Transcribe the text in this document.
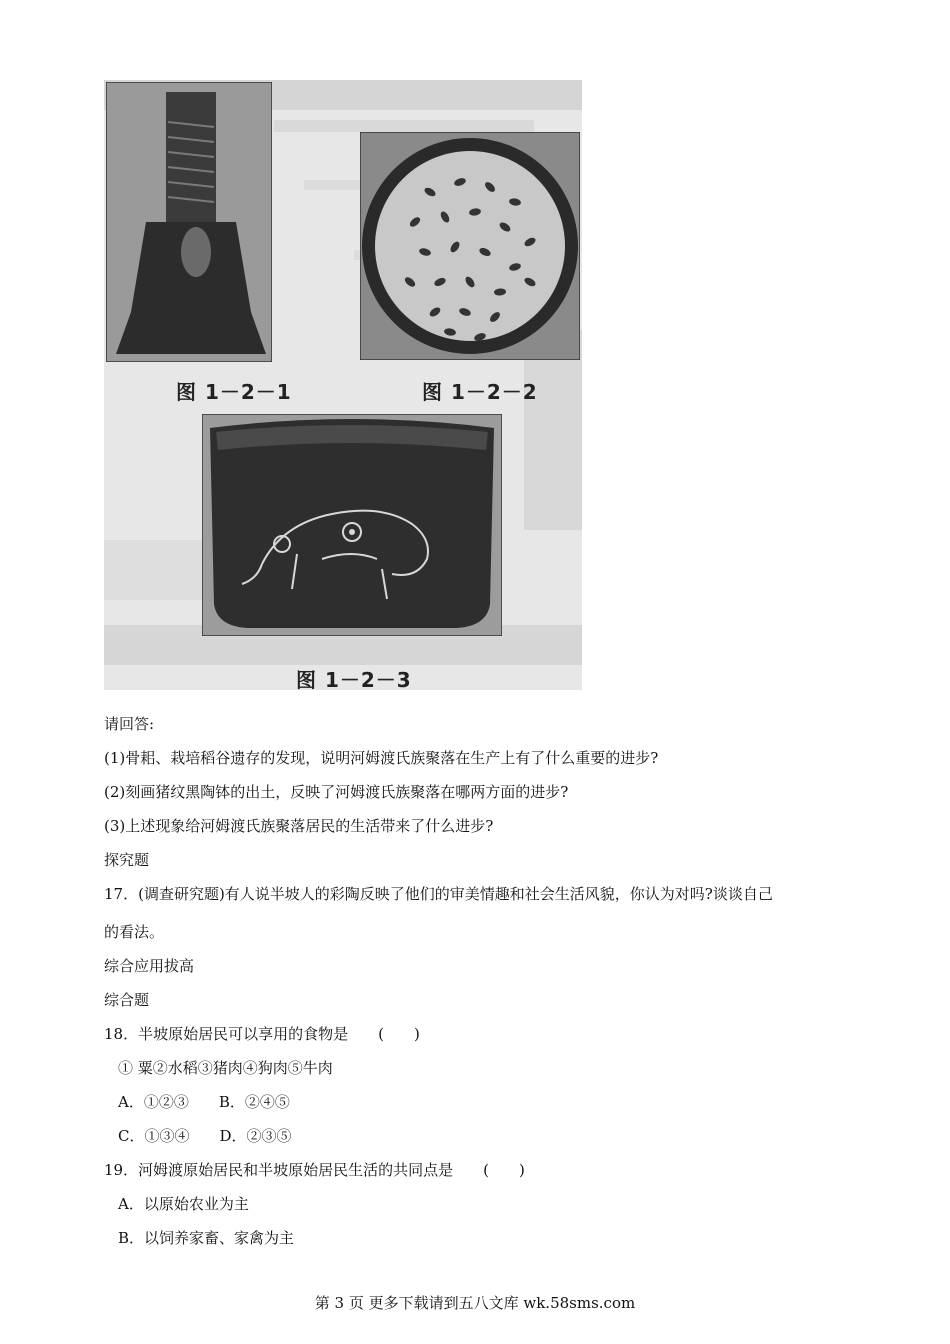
图 1－2－1	图 1－2－2
图 1－2－3
请回答:
(1)骨耜、栽培稻谷遗存的发现，说明河姆渡氏族聚落在生产上有了什么重要的进步?
(2)刻画猪纹黑陶钵的出土，反映了河姆渡氏族聚落在哪两方面的进步?
(3)上述现象给河姆渡氏族聚落居民的生活带来了什么进步?
探究题
17．(调查研究题)有人说半坡人的彩陶反映了他们的审美情趣和社会生活风貌，你认为对吗?谈谈自己
的看法。
综合应用拔高
综合题
18．半坡原始居民可以享用的食物是　　(　　)
① 粟②水稻③猪肉④狗肉⑤牛肉
A．①②③　　B．②④⑤
C．①③④　　D．②③⑤
19．河姆渡原始居民和半坡原始居民生活的共同点是　　(　　)
A．以原始农业为主
B．以饲养家畜、家禽为主
第 3 页 更多下载请到五八文库 wk.58sms.com
